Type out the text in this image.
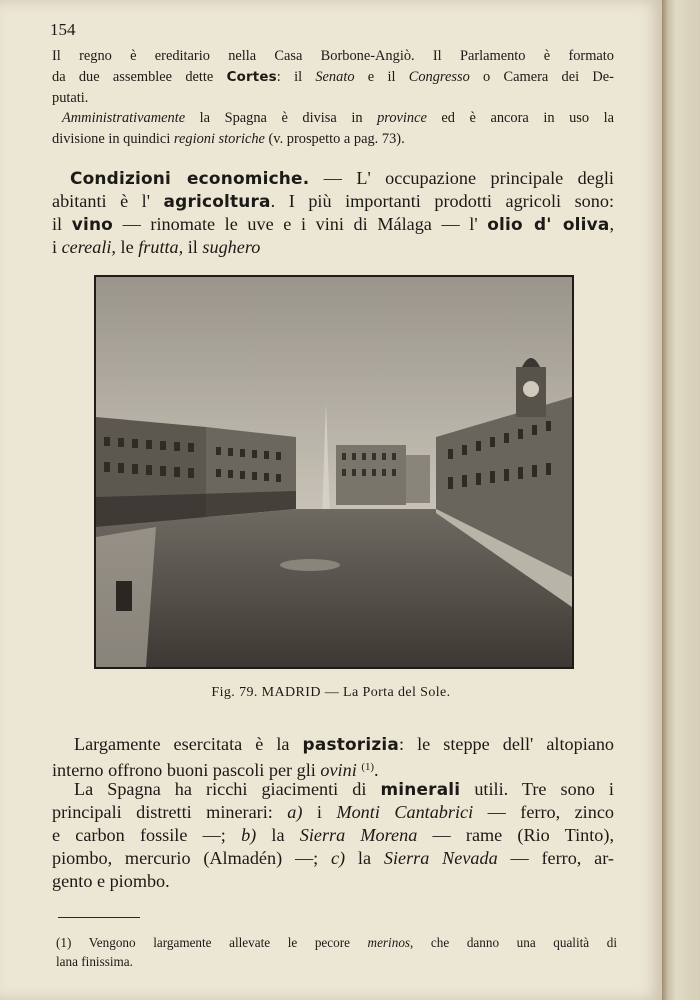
154
Il regno è ereditario nella Casa Borbone-Angiò. Il Parlamento è formato
da due assemblee dette Cortes: il Senato e il Congresso o Camera dei De-
putati.
Amministrativamente la Spagna è divisa in province ed è ancora in uso la
divisione in quindici regioni storiche (v. prospetto a pag. 73).
Condizioni economiche. — L' occupazione principale degli
abitanti è l' agricoltura. I più importanti prodotti agricoli sono:
il vino — rinomate le uve e i vini di Málaga — l' olio d' oliva,
i cereali, le frutta, il sughero
Fig. 79. MADRID — La Porta del Sole.
Largamente esercitata è la pastorizia: le steppe dell' altopiano
interno offrono buoni pascoli per gli ovini $^{(1)}$.
La Spagna ha ricchi giacimenti di minerali utili. Tre sono i
principali distretti minerari: a) i Monti Cantabrici — ferro, zinco
e carbon fossile —; b) la Sierra Morena — rame (Rio Tinto),
piombo, mercurio (Almadén) —; c) la Sierra Nevada — ferro, ar-
gento e piombo.
(1) Vengono largamente allevate le pecore merinos, che danno una qualità di
lana finissima.
